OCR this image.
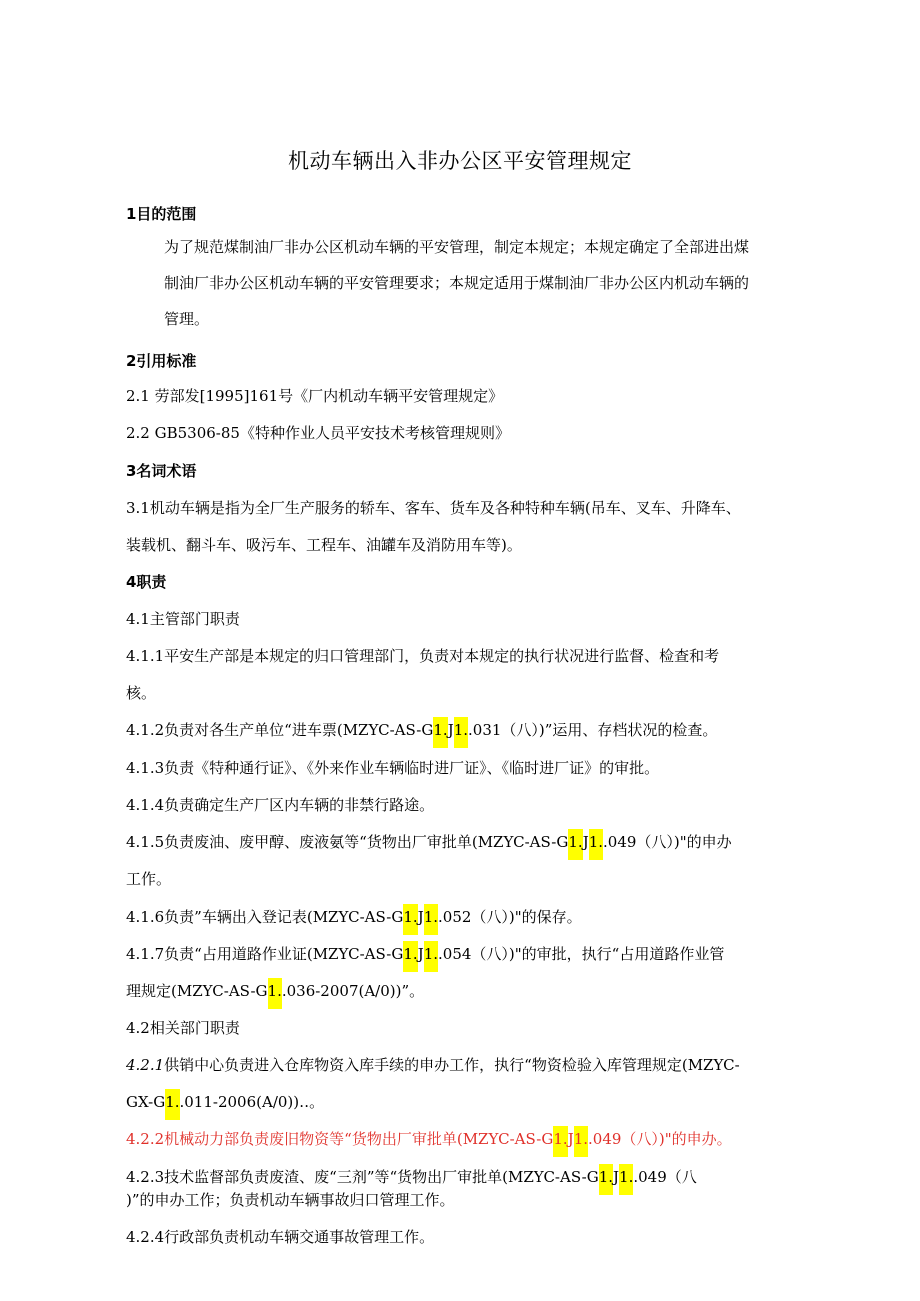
机动车辆出入非办公区平安管理规定
1目的范围
为了规范煤制油厂非办公区机动车辆的平安管理，制定本规定；本规定确定了全部进出煤
制油厂非办公区机动车辆的平安管理要求；本规定适用于煤制油厂非办公区内机动车辆的
管理。
2引用标准
2.1 劳部发[1995]161号《厂内机动车辆平安管理规定》
2.2 GB5306-85《特种作业人员平安技术考核管理规则》
3名词术语
3.1机动车辆是指为全厂生产服务的轿车、客车、货车及各种特种车辆(吊车、叉车、升降车、
装载机、翻斗车、吸污车、工程车、油罐车及消防用车等)。
4职责
4.1主管部门职责
4.1.1平安生产部是本规定的归口管理部门，负责对本规定的执行状况进行监督、检查和考
核。
4.1.2负责对各生产单位“进车票(MZYC-AS-G1.J1..031（八）)”运用、存档状况的检查。
4.1.3负责《特种通行证》、《外来作业车辆临时进厂证》、《临时进厂证》的审批。
4.1.4负责确定生产厂区内车辆的非禁行路途。
4.1.5负责废油、废甲醇、废液氨等“货物出厂审批单(MZYC-AS-G1.J1..049（八）)"的申办
工作。
4.1.6负责”车辆出入登记表(MZYC-AS-G1.J1..052（八）)"的保存。
4.1.7负责“占用道路作业证(MZYC-AS-G1.J1..054（八）)"的审批，执行“占用道路作业管
理规定(MZYC-AS-G1..036-2007(A/0))”。
4.2相关部门职责
4.2.1供销中心负责进入仓库物资入库手续的申办工作，执行“物资检验入库管理规定(MZYC-
GX-G1..011-2006(A/0))‥。
4.2.2机械动力部负责废旧物资等“货物出厂审批单(MZYC-AS-G1.J1..049（八）)"的申办。
4.2.3技术监督部负责废渣、废“三剂”等“货物出厂审批单(MZYC-AS-G1.J1..049（八
)”的申办工作；负责机动车辆事故归口管理工作。
4.2.4行政部负责机动车辆交通事故管理工作。
